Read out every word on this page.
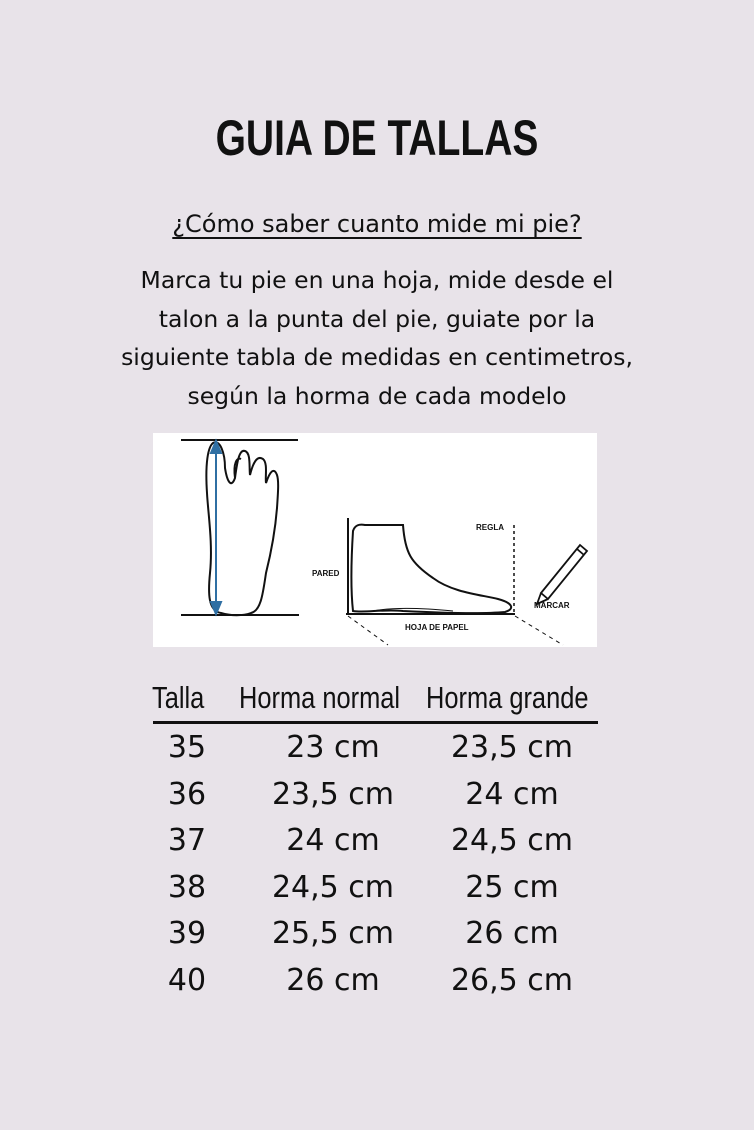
GUIA DE TALLAS
¿Cómo saber cuanto mide mi pie?
Marca tu pie en una hoja, mide desde el
talon a la punta del pie, guiate por la
siguiente tabla de medidas en centimetros,
según la horma de cada modelo
PARED
REGLA
MARCAR
HOJA DE PAPEL
Talla Horma normal Horma grande
35	23 cm 23,5 cm
36 23,5 cm 24 cm
37	24 cm 24,5 cm
38 24,5 cm 25 cm
39 25,5 cm 26 cm
40	26 cm 26,5 cm
